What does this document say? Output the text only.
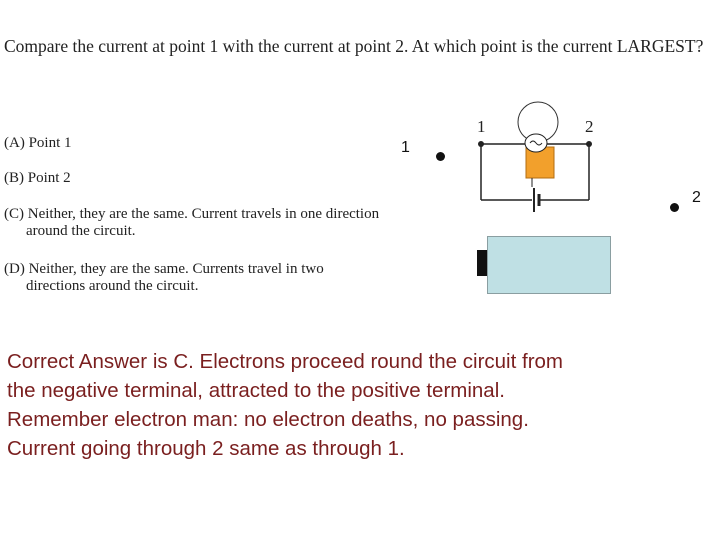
Compare the current at point 1 with the current at point 2. At which point is the current LARGEST?

(A) Point 1

(B) Point 2

(C) Neither, they are the same. Current travels in one direction
around the circuit.

(D) Neither, they are the same. Currents travel in two
directions around the circuit.

1	2
1
2

Correct Answer is C. Electrons proceed round the circuit from
the negative terminal, attracted to the positive terminal.
Remember electron man: no electron deaths, no passing.
Current going through 2 same as through 1.
